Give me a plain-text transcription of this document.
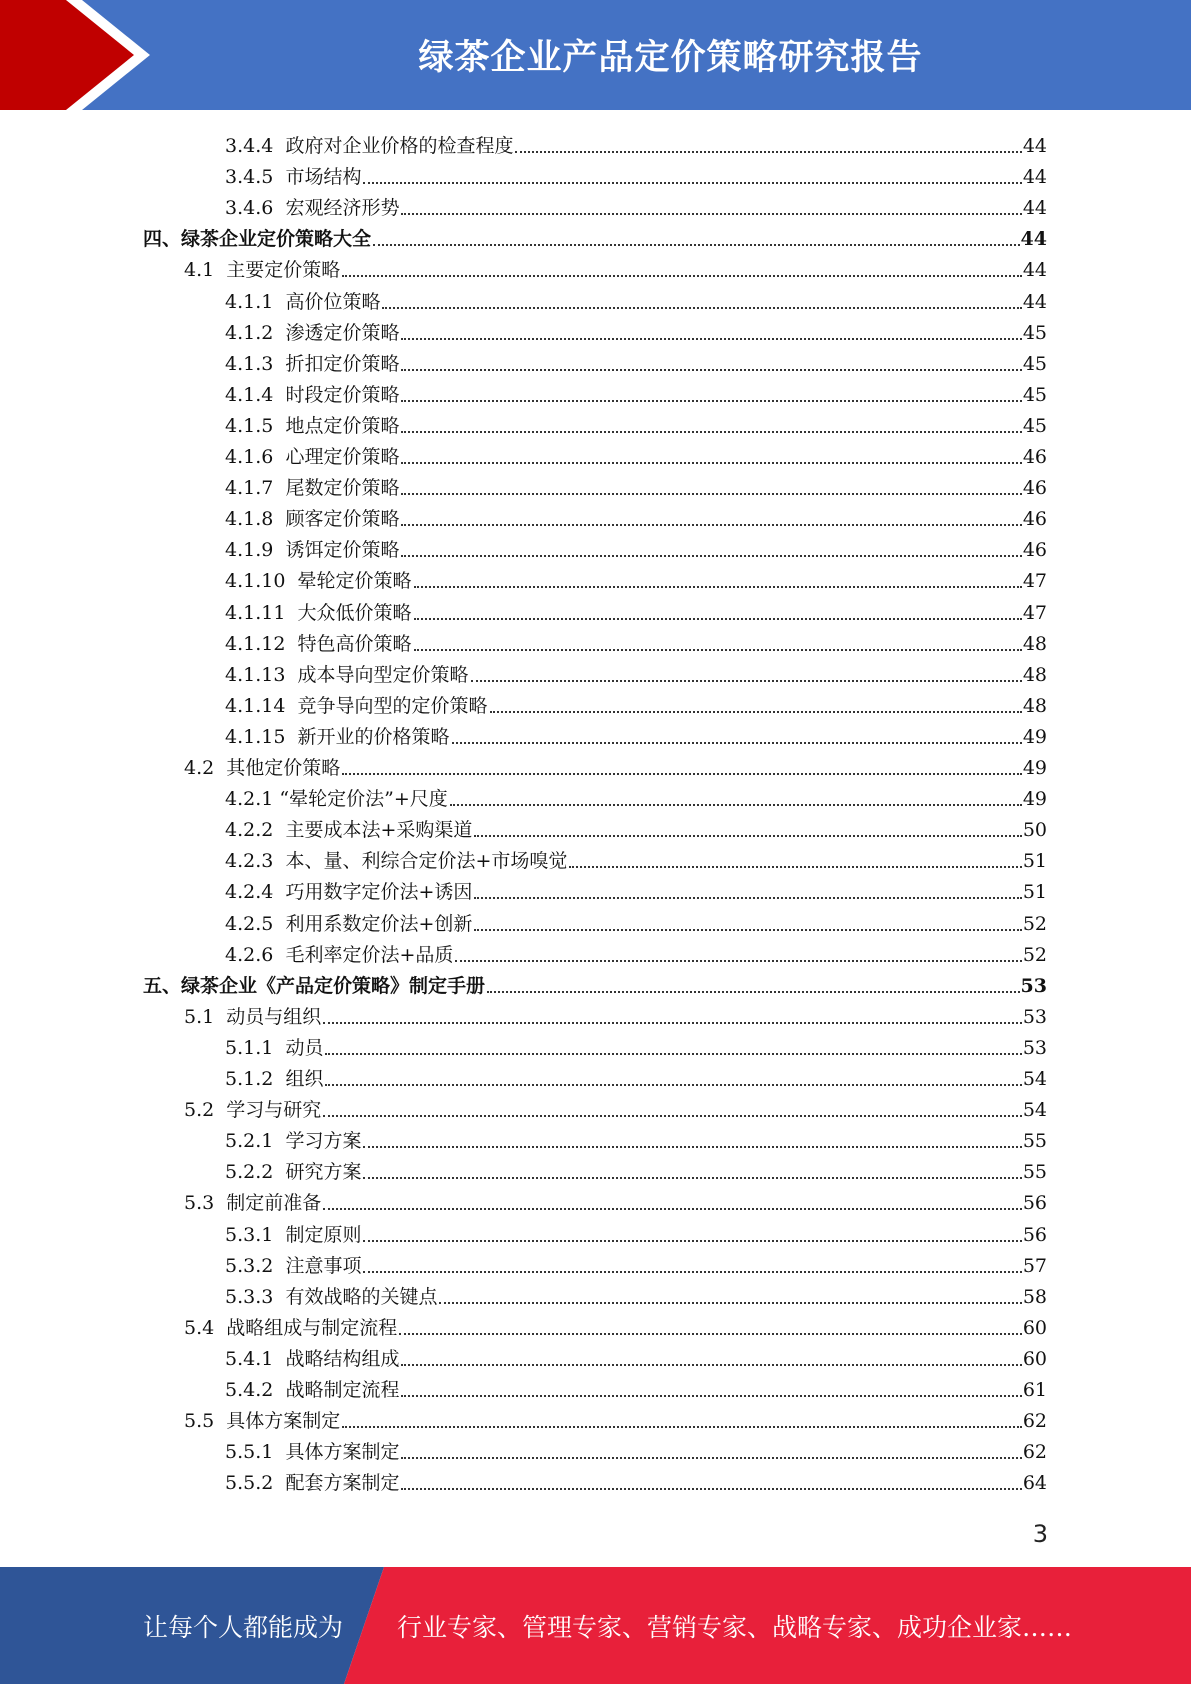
绿茶企业产品定价策略研究报告
3.4.4 政府对企业价格的检查程度	44
3.4.5 市场结构	44
3.4.6 宏观经济形势	44
四、绿茶企业定价策略大全	44
4.1 主要定价策略	44
4.1.1 高价位策略	44
4.1.2 渗透定价策略	45
4.1.3 折扣定价策略	45
4.1.4 时段定价策略	45
4.1.5 地点定价策略	45
4.1.6 心理定价策略	46
4.1.7 尾数定价策略	46
4.1.8 顾客定价策略	46
4.1.9 诱饵定价策略	46
4.1.10 晕轮定价策略	47
4.1.11 大众低价策略	47
4.1.12 特色高价策略	48
4.1.13 成本导向型定价策略	48
4.1.14 竞争导向型的定价策略	48
4.1.15 新开业的价格策略	49
4.2 其他定价策略	49
4.2.1 “晕轮定价法”+尺度	49
4.2.2 主要成本法+采购渠道	50
4.2.3 本、量、利综合定价法+市场嗅觉	51
4.2.4 巧用数字定价法+诱因	51
4.2.5 利用系数定价法+创新	52
4.2.6 毛利率定价法+品质	52
五、绿茶企业《产品定价策略》制定手册	53
5.1 动员与组织	53
5.1.1 动员	53
5.1.2 组织	54
5.2 学习与研究	54
5.2.1 学习方案	55
5.2.2 研究方案	55
5.3 制定前准备	56
5.3.1 制定原则	56
5.3.2 注意事项	57
5.3.3 有效战略的关键点	58
5.4 战略组成与制定流程	60
5.4.1 战略结构组成	60
5.4.2 战略制定流程	61
5.5 具体方案制定	62
5.5.1 具体方案制定	62
5.5.2 配套方案制定	64
3
让每个人都能成为 行业专家、管理专家、营销专家、战略专家、成功企业家……
